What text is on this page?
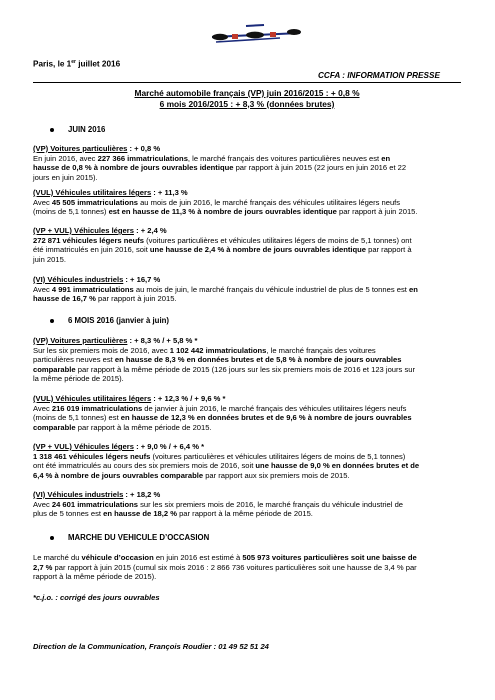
Paris, le 1er juillet 2016
CCFA : INFORMATION PRESSE
Marché automobile français (VP) juin 2016/2015 : + 0,8 %
6 mois 2016/2015 : + 8,3 % (données brutes)
JUIN 2016
(VP) Voitures particulières : + 0,8 %
En juin 2016, avec 227 366 immatriculations, le marché français des voitures particulières neuves est en
hausse de 0,8 % à nombre de jours ouvrables identique par rapport à juin 2015 (22 jours en juin 2016 et 22
jours en juin 2015).
(VUL) Véhicules utilitaires légers : + 11,3 %
Avec 45 505 immatriculations au mois de juin 2016, le marché français des véhicules utilitaires légers neufs
(moins de 5,1 tonnes) est en hausse de 11,3 % à nombre de jours ouvrables identique par rapport à juin 2015.
(VP + VUL) Véhicules légers : + 2,4 %
272 871 véhicules légers neufs (voitures particulières et véhicules utilitaires légers de moins de 5,1 tonnes) ont
été immatriculés en juin 2016, soit une hausse de 2,4 % à nombre de jours ouvrables identique par rapport à
juin 2015.
(VI) Véhicules industriels : + 16,7 %
Avec 4 991 immatriculations au mois de juin, le marché français du véhicule industriel de plus de 5 tonnes est en
hausse de 16,7 % par rapport à juin 2015.
6 MOIS 2016 (janvier à juin)
(VP) Voitures particulières : + 8,3 % / + 5,8 % *
Sur les six premiers mois de 2016, avec 1 102 442 immatriculations, le marché français des voitures
particulières neuves est en hausse de 8,3 % en données brutes et de 5,8 % à nombre de jours ouvrables
comparable par rapport à la même période de 2015 (126 jours sur les six premiers mois de 2016 et 123 jours sur
la même période de 2015).
(VUL) Véhicules utilitaires légers : + 12,3 % / + 9,6 % *
Avec 216 019 immatriculations de janvier à juin 2016, le marché français des véhicules utilitaires légers neufs
(moins de 5,1 tonnes) est en hausse de 12,3 % en données brutes et de 9,6 % à nombre de jours ouvrables
comparable par rapport à la même période de 2015.
(VP + VUL) Véhicules légers : + 9,0 % / + 6,4 % *
1 318 461 véhicules légers neufs (voitures particulières et véhicules utilitaires légers de moins de 5,1 tonnes)
ont été immatriculés au cours des six premiers mois de 2016, soit une hausse de 9,0 % en données brutes et de
6,4 % à nombre de jours ouvrables comparable par rapport aux six premiers mois de 2015.
(VI) Véhicules industriels : + 18,2 %
Avec 24 601 immatriculations sur les six premiers mois de 2016, le marché français du véhicule industriel de
plus de 5 tonnes est en hausse de 18,2 % par rapport à la même période de 2015.
MARCHE DU VEHICULE D’OCCASION
Le marché du véhicule d’occasion en juin 2016 est estimé à 505 973 voitures particulières soit une baisse de
2,7 % par rapport à juin 2015 (cumul six mois 2016 : 2 866 736 voitures particulières soit une hausse de 3,4 % par
rapport à la même période de 2015).
*c.j.o. : corrigé des jours ouvrables
Direction de la Communication, François Roudier : 01 49 52 51 24
